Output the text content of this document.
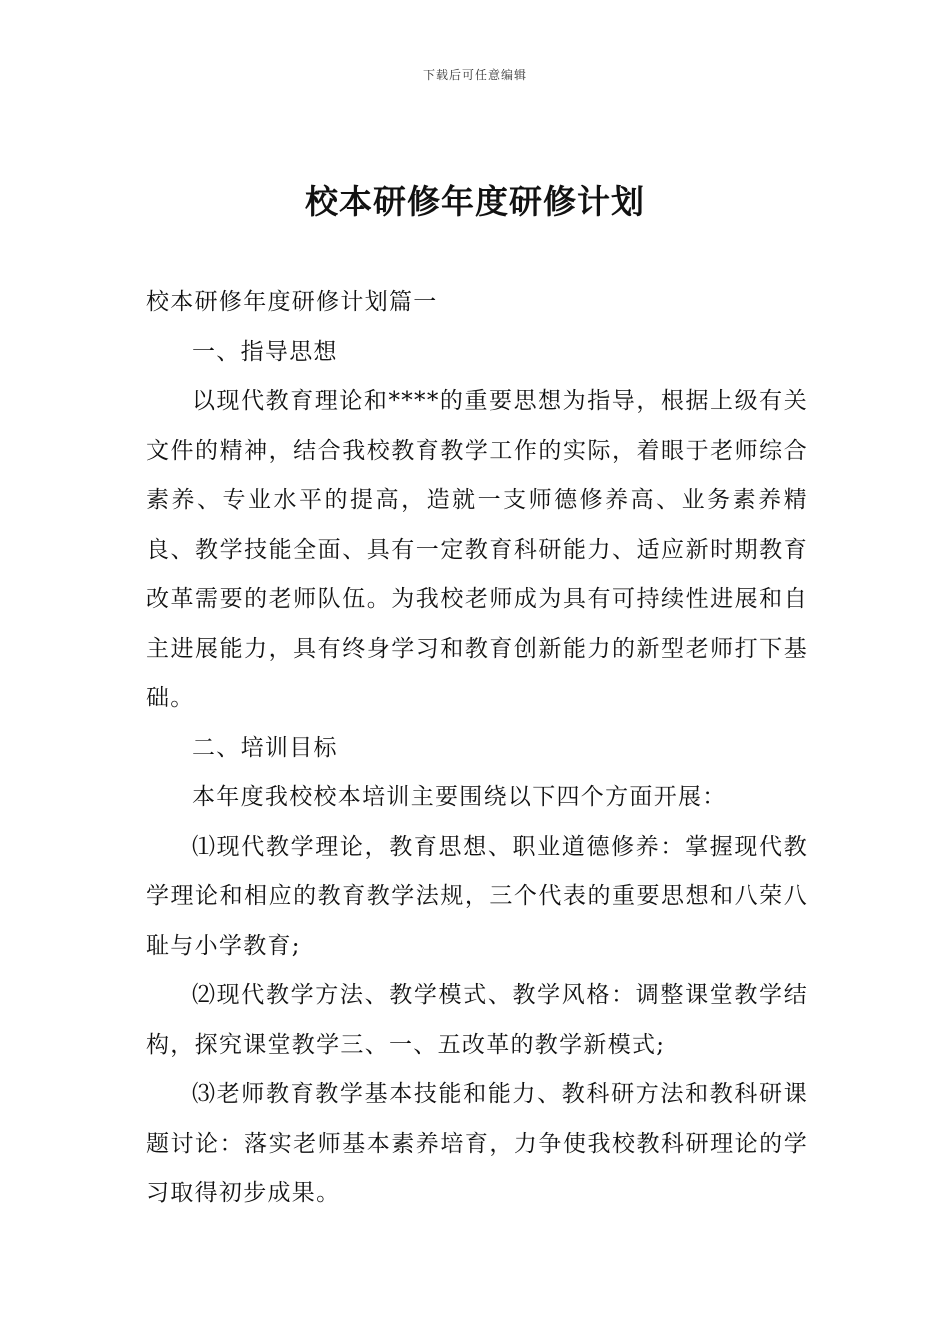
下载后可任意编辑
校本研修年度研修计划

校本研修年度研修计划篇一

一、指导思想

以现代教育理论和****的重要思想为指导，根据上级有关文件的精神，结合我校教育教学工作的实际，着眼于老师综合素养、专业水平的提高，造就一支师德修养高、业务素养精良、教学技能全面、具有一定教育科研能力、适应新时期教育改革需要的老师队伍。为我校老师成为具有可持续性进展和自主进展能力，具有终身学习和教育创新能力的新型老师打下基础。

二、培训目标

本年度我校校本培训主要围绕以下四个方面开展：

⑴现代教学理论，教育思想、职业道德修养：掌握现代教学理论和相应的教育教学法规，三个代表的重要思想和八荣八耻与小学教育;

⑵现代教学方法、教学模式、教学风格：调整课堂教学结构，探究课堂教学三、一、五改革的教学新模式;

⑶老师教育教学基本技能和能力、教科研方法和教科研课题讨论：落实老师基本素养培育，力争使我校教科研理论的学习取得初步成果。
